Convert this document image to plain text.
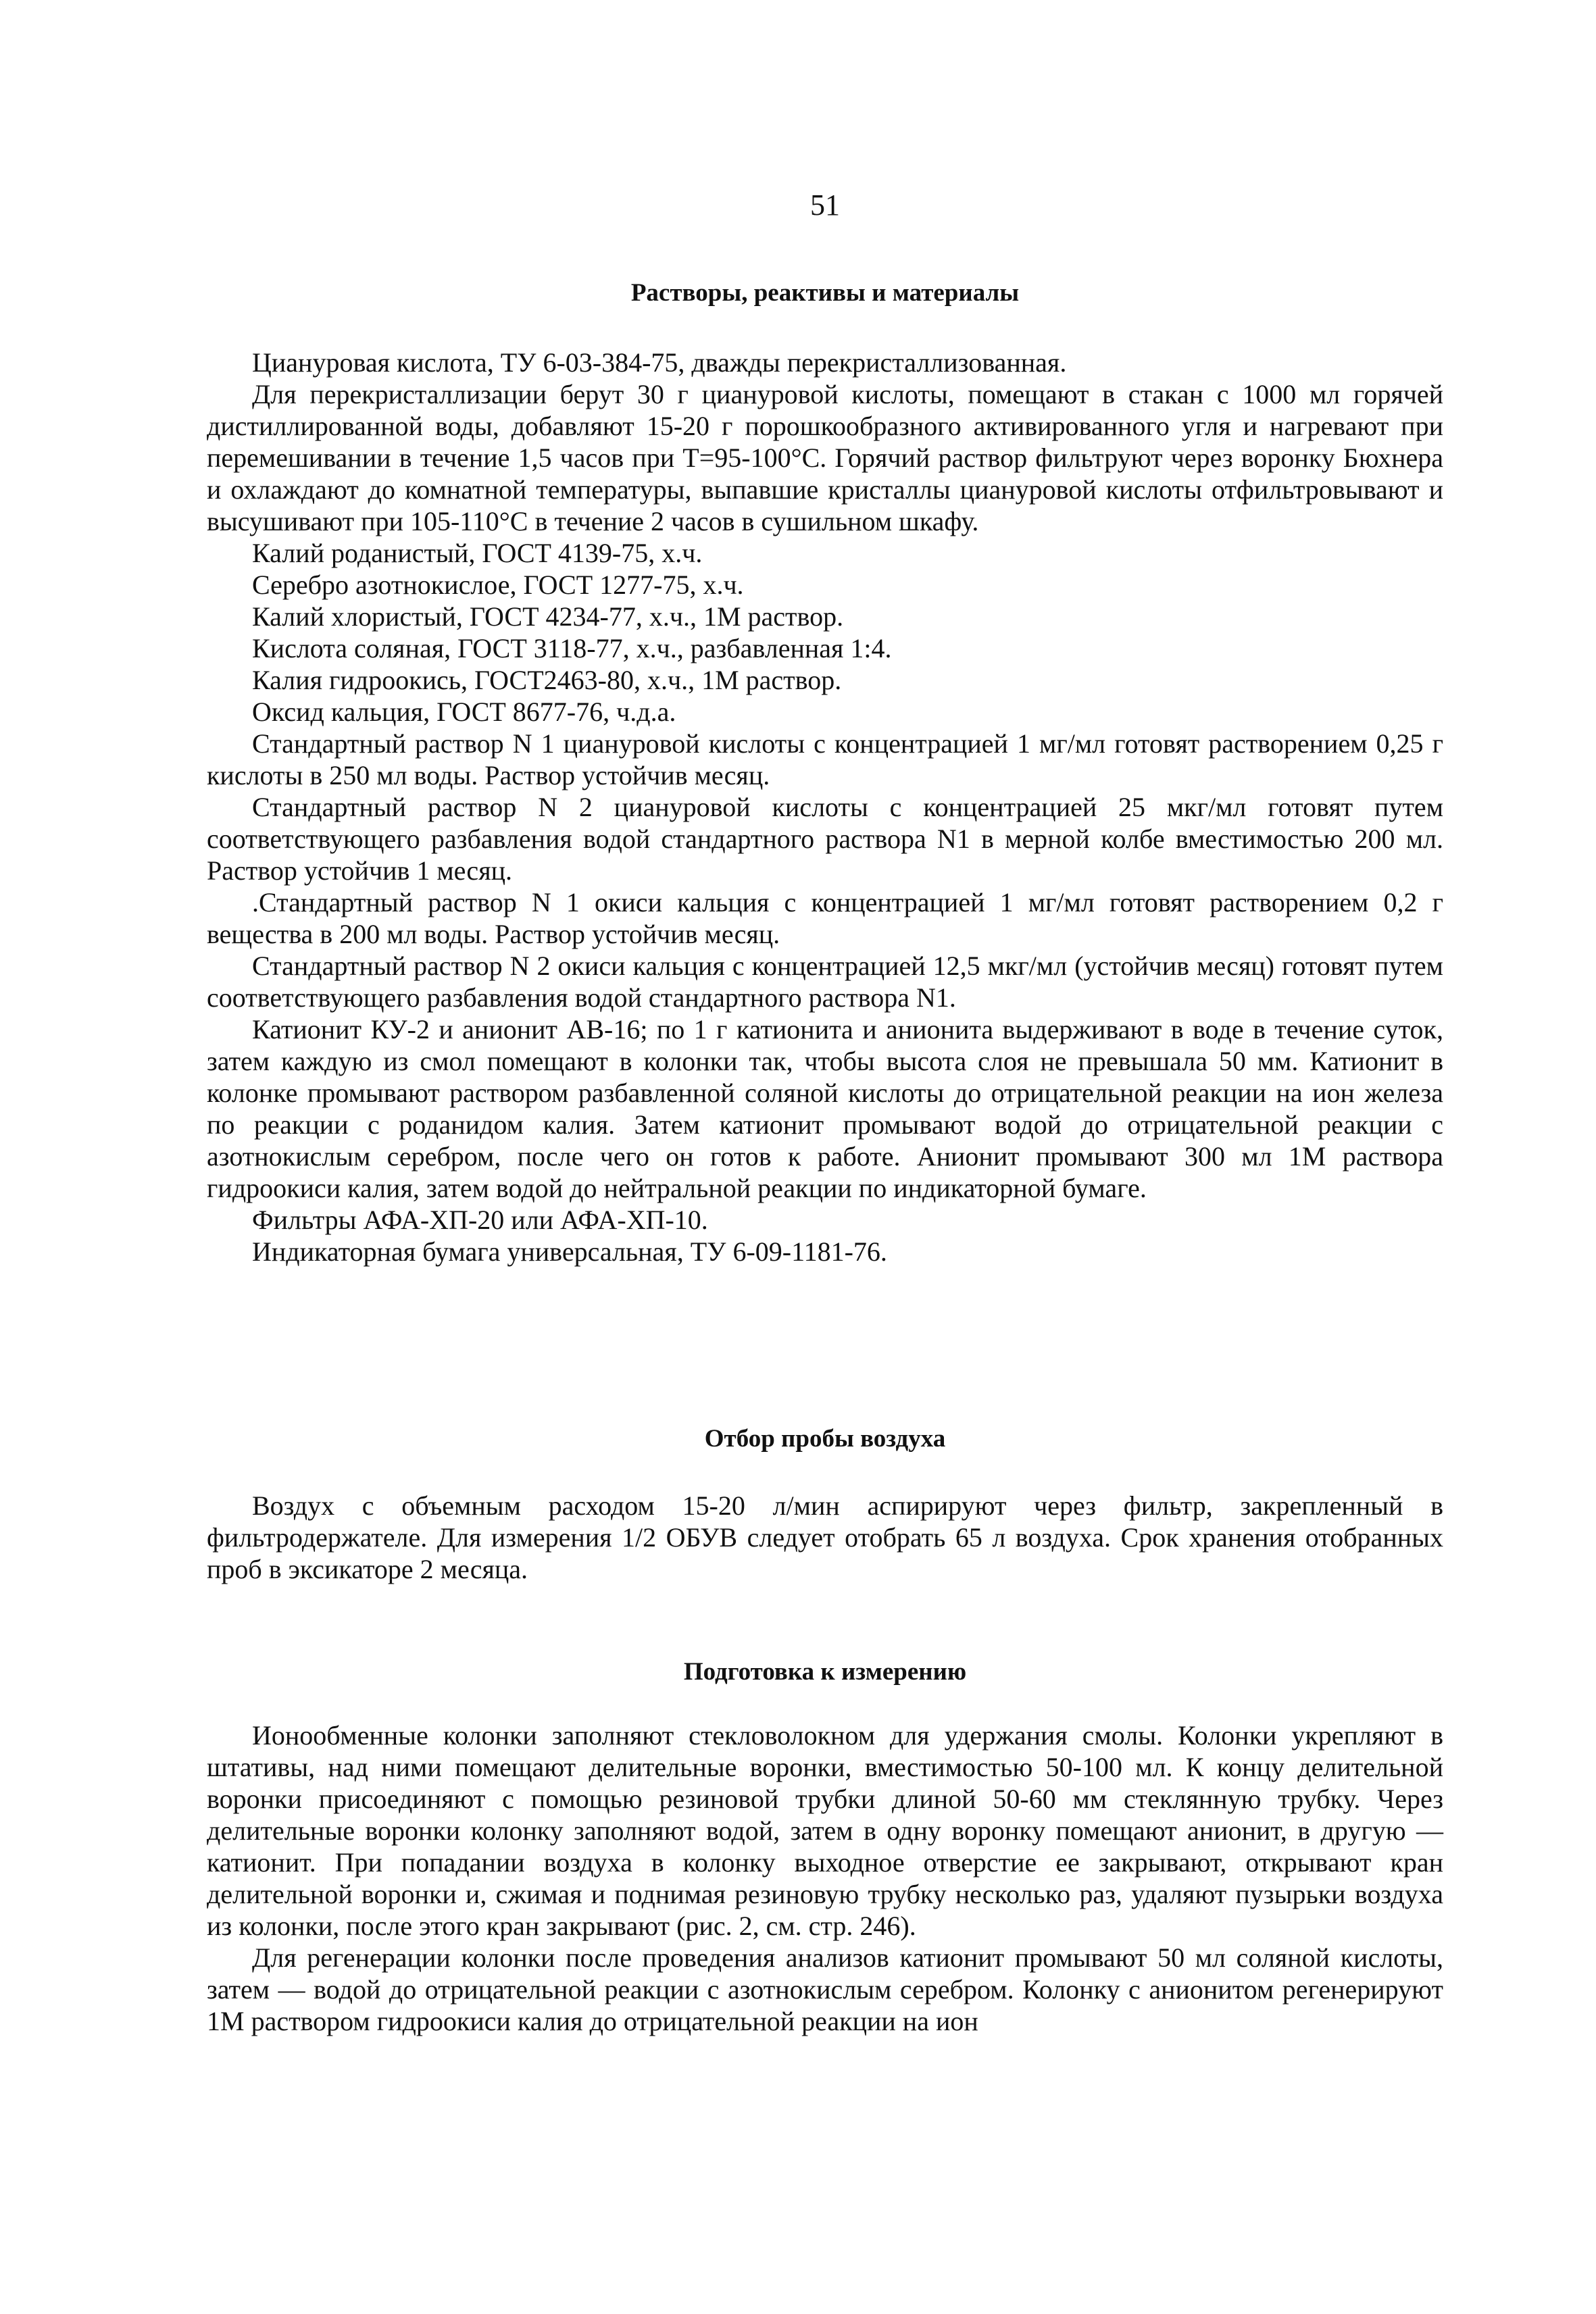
51
Растворы, реактивы и материалы

Циануровая кислота, ТУ 6-03-384-75, дважды перекристаллизованная.

Для перекристаллизации берут 30 г циануровой кислоты, помещают в стакан с 1000 мл горячей дистиллированной воды, добавляют 15-20 г порошкообразного активированного угля и нагревают при перемешивании в течение 1,5 часов при Т=95-100°С. Горячий раствор фильтруют через воронку Бюхнера и охлаждают до комнатной температуры, выпавшие кристаллы циануровой кислоты отфильтровывают и высушивают при 105-110°С в течение 2 часов в сушильном шкафу.

Калий роданистый, ГОСТ 4139-75, х.ч.

Серебро азотнокислое, ГОСТ 1277-75, х.ч.

Калий хлористый, ГОСТ 4234-77, х.ч., 1М раствор.

Кислота соляная, ГОСТ 3118-77, х.ч., разбавленная 1:4.

Калия гидроокись, ГОСТ2463-80, х.ч., 1М раствор.

Оксид кальция, ГОСТ 8677-76, ч.д.а.

Стандартный раствор N 1 циануровой кислоты с концентрацией 1 мг/мл готовят растворением 0,25 г кислоты в 250 мл воды. Раствор устойчив месяц.

Стандартный раствор N 2 циануровой кислоты с концентрацией 25 мкг/мл готовят путем соответствующего разбавления водой стандартного раствора N1 в мерной колбе вместимостью 200 мл. Раствор устойчив 1 месяц.

.Стандартный раствор N 1 окиси кальция с концентрацией 1 мг/мл готовят растворением 0,2 г вещества в 200 мл воды. Раствор устойчив месяц.

Стандартный раствор N 2 окиси кальция с концентрацией 12,5 мкг/мл (устойчив месяц) готовят путем соответствующего разбавления водой стандартного раствора N1.

Катионит КУ-2 и анионит АВ-16; по 1 г катионита и анионита выдерживают в воде в течение суток, затем каждую из смол помещают в колонки так, чтобы высота слоя не превышала 50 мм. Катионит в колонке промывают раствором разбавленной соляной кислоты до отрицательной реакции на ион железа по реакции с роданидом калия. Затем катионит промывают водой до отрицательной реакции с азотнокислым серебром, после чего он готов к работе. Анионит промывают 300 мл 1М раствора гидроокиси калия, затем водой до нейтральной реакции по индикаторной бумаге.

Фильтры АФА-ХП-20 или АФА-ХП-10.

Индикаторная бумага универсальная, ТУ 6-09-1181-76.

Отбор пробы воздуха

Воздух с объемным расходом 15-20 л/мин аспирируют через фильтр, закрепленный в фильтродержателе. Для измерения 1/2 ОБУВ следует отобрать 65 л воздуха. Срок хранения отобранных проб в эксикаторе 2 месяца.

Подготовка к измерению

Ионообменные колонки заполняют стекловолокном для удержания смолы. Колонки укрепляют в штативы, над ними помещают делительные воронки, вместимостью 50-100 мл. К концу делительной воронки присоединяют с помощью резиновой трубки длиной 50-60 мм стеклянную трубку. Через делительные воронки колонку заполняют водой, затем в одну воронку помещают анионит, в другую — катионит. При попадании воздуха в колонку выходное отверстие ее закрывают, открывают кран делительной воронки и, сжимая и поднимая резиновую трубку несколько раз, удаляют пузырьки воздуха из колонки, после этого кран закрывают (рис. 2, см. стр. 246).

Для регенерации колонки после проведения анализов катионит промывают 50 мл соляной кислоты, затем — водой до отрицательной реакции с азотнокислым серебром. Колонку с анионитом регенерируют 1М раствором гидроокиси калия до отрицательной реакции на ион
